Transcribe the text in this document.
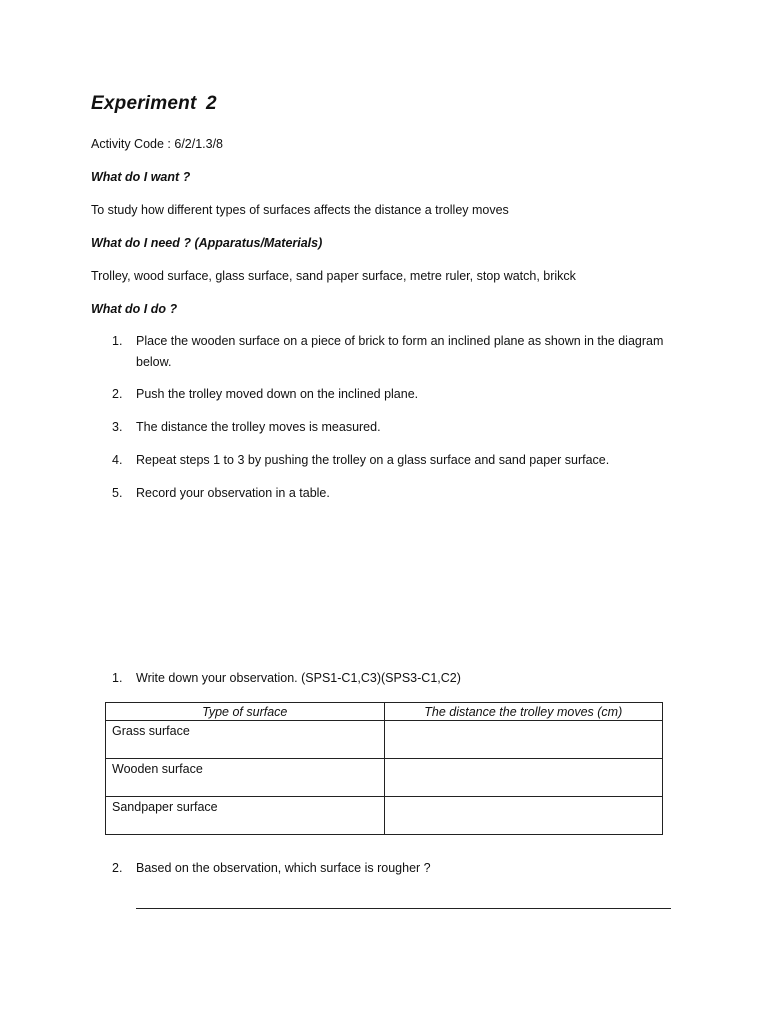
Experiment 2
Activity Code : 6/2/1.3/8
What do I want ?
To study how different types of surfaces affects the distance a trolley moves
What do I need ? (Apparatus/Materials)
Trolley, wood surface, glass surface, sand paper surface, metre ruler, stop watch, brikck
What do I do ?
1.	Place the wooden surface on a piece of brick to form an inclined plane as shown in the diagram below.
2.	Push the trolley moved down on the inclined plane.
3.	The distance the trolley moves is measured.
4.	Repeat steps 1 to 3 by pushing the trolley on a glass surface and sand paper surface.
5.	Record your observation in a table.
1.	Write down your observation. (SPS1-C1,C3)(SPS3-C1,C2)
Type of surface	The distance the trolley moves (cm)
Grass surface	
Wooden surface	
Sandpaper surface	
2.	Based on the observation, which surface is rougher ?
